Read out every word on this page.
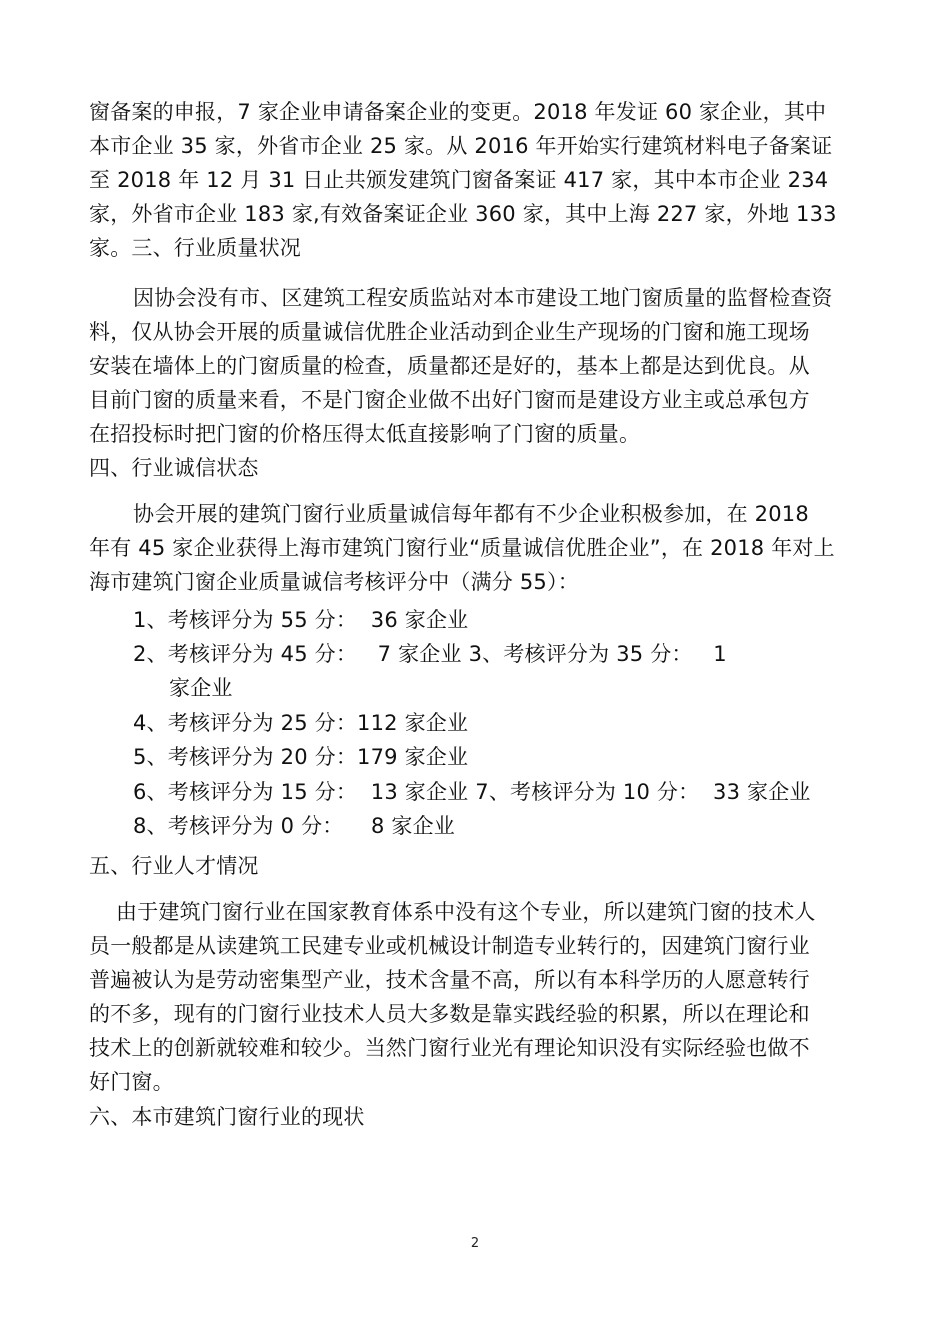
窗备案的申报，7 家企业申请备案企业的变更。2018 年发证 60 家企业，其中
本市企业 35 家，外省市企业 25 家。从 2016 年开始实行建筑材料电子备案证
至 2018 年 12 月 31 日止共颁发建筑门窗备案证 417 家，其中本市企业 234
家，外省市企业 183 家,有效备案证企业 360 家，其中上海 227 家，外地 133
家。三、行业质量状况
因协会没有市、区建筑工程安质监站对本市建设工地门窗质量的监督检查资
料，仅从协会开展的质量诚信优胜企业活动到企业生产现场的门窗和施工现场
安装在墙体上的门窗质量的检查，质量都还是好的，基本上都是达到优良。从
目前门窗的质量来看，不是门窗企业做不出好门窗而是建设方业主或总承包方
在招投标时把门窗的价格压得太低直接影响了门窗的质量。
四、行业诚信状态
协会开展的建筑门窗行业质量诚信每年都有不少企业积极参加，在 2018
年有 45 家企业获得上海市建筑门窗行业“质量诚信优胜企业”，在 2018 年对上
海市建筑门窗企业质量诚信考核评分中（满分 55）：
1、考核评分为 55 分：  36 家企业
2、考核评分为 45 分：   7 家企业 3、考核评分为 35 分：   1
家企业
4、考核评分为 25 分：112 家企业
5、考核评分为 20 分：179 家企业
6、考核评分为 15 分：  13 家企业 7、考核评分为 10 分：  33 家企业
8、考核评分为 0 分：    8 家企业
五、行业人才情况
由于建筑门窗行业在国家教育体系中没有这个专业，所以建筑门窗的技术人
员一般都是从读建筑工民建专业或机械设计制造专业转行的，因建筑门窗行业
普遍被认为是劳动密集型产业，技术含量不高，所以有本科学历的人愿意转行
的不多，现有的门窗行业技术人员大多数是靠实践经验的积累，所以在理论和
技术上的创新就较难和较少。当然门窗行业光有理论知识没有实际经验也做不
好门窗。
六、本市建筑门窗行业的现状
2
